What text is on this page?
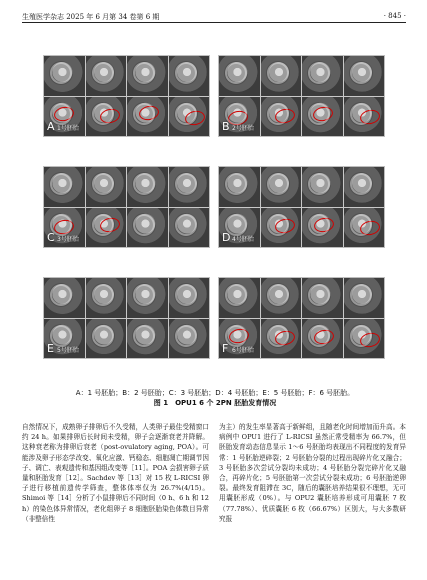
生殖医学杂志 2025 年 6 月第 34 卷第 6 期	· 845 ·
A 1号胚胎	B 2号胚胎
C 3号胚胎	D 4号胚胎
E 5号胚胎	F 6号胚胎
A：1 号胚胎；B：2 号胚胎；C：3 号胚胎；D：4 号胚胎；E：5 号胚胎；F：6 号胚胎。
图 1　OPU1 6 个 2PN 胚胎发育情况

自然情况下，成熟卵子排卵后不久受精，人类卵子最佳受精窗口约 24 h。如果排卵后长时间未受精，卵子会逐渐衰老并降解。这种衰老称为排卵后衰老（post-ovulatory aging, POA）。可能涉及卵子形态学改变、氧化应激、钙稳态、细胞凋亡期调节因子、调亡、表观遗传和基因组改变等［11］。POA 会损害卵子质量和胚胎发育［12］。Sachdev 等［13］对 15 枚 L-RICSI 卵子进行移植前遗传学筛查，整体体率仅为 26.7%(4/15)。Shimoi 等［14］分析了小鼠排卵后不同时间（0 h、6 h 和 12 h）的染色体异常情况，老化组卵子 8 细胞胚胎染色体数目异常（非整倍性

为主）的发生率显著高于新鲜组，且随老化时间增加而升高。本病例中 OPU1 进行了 L-RICSI 虽然正常受精率为 66.7%，但胚胎发育动态信息显示 1～6 号胚胎均表现出不同程度的发育异常：1 号胚胎逆碎裂；2 号胚胎分裂的过程出现碎片化又融合；3 号胚胎多次尝试分裂均未成功；4 号胚胎分裂完碎片化又融合，再碎片化；5 号胚胎第一次尝试分裂未成功；6 号胚胎逆卵裂。最终发育阻滞在 3C，随后的囊胚培养结果很不理想，无可用囊胚形成（0%）。与 OPU2 囊胚培养形成可用囊胚 7 枚（77.78%）、优质囊胚 6 枚（66.67%）区别大，与大多数研究报
